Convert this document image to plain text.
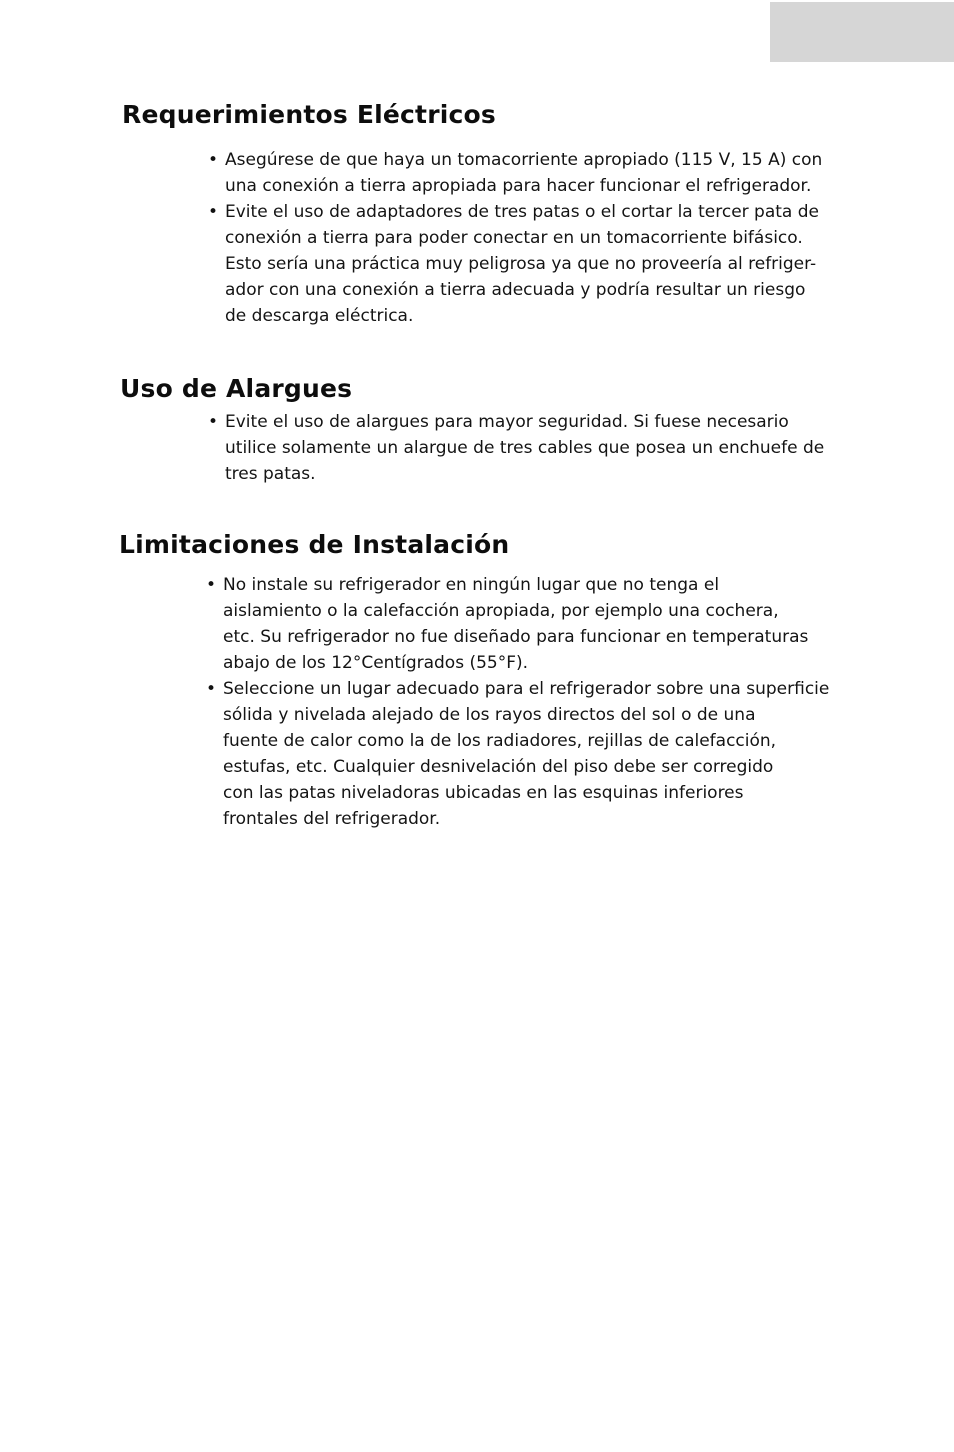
Requerimientos Eléctricos
• Asegúrese de que haya un tomacorriente apropiado (115 V, 15 A) con
una conexión a tierra apropiada para hacer funcionar el refrigerador.
• Evite el uso de adaptadores de tres patas o el cortar la tercer pata de
conexión a tierra para poder conectar en un tomacorriente bifásico.
Esto sería una práctica muy peligrosa ya que no proveería al refriger-
ador con una conexión a tierra adecuada y podría resultar un riesgo
de descarga eléctrica.
Uso de Alargues
• Evite el uso de alargues para mayor seguridad. Si fuese necesario
utilice solamente un alargue de tres cables que posea un enchuefe de
tres patas.
Limitaciones de Instalación
• No instale su refrigerador en ningún lugar que no tenga el
aislamiento o la calefacción apropiada, por ejemplo una cochera,
etc. Su refrigerador no fue diseñado para funcionar en temperaturas
abajo de los 12°Centígrados (55°F).
• Seleccione un lugar adecuado para el refrigerador sobre una superficie
sólida y nivelada alejado de los rayos directos del sol o de una
fuente de calor como la de los radiadores, rejillas de calefacción,
estufas, etc. Cualquier desnivelación del piso debe ser corregido
con las patas niveladoras ubicadas en las esquinas inferiores
frontales del refrigerador.
